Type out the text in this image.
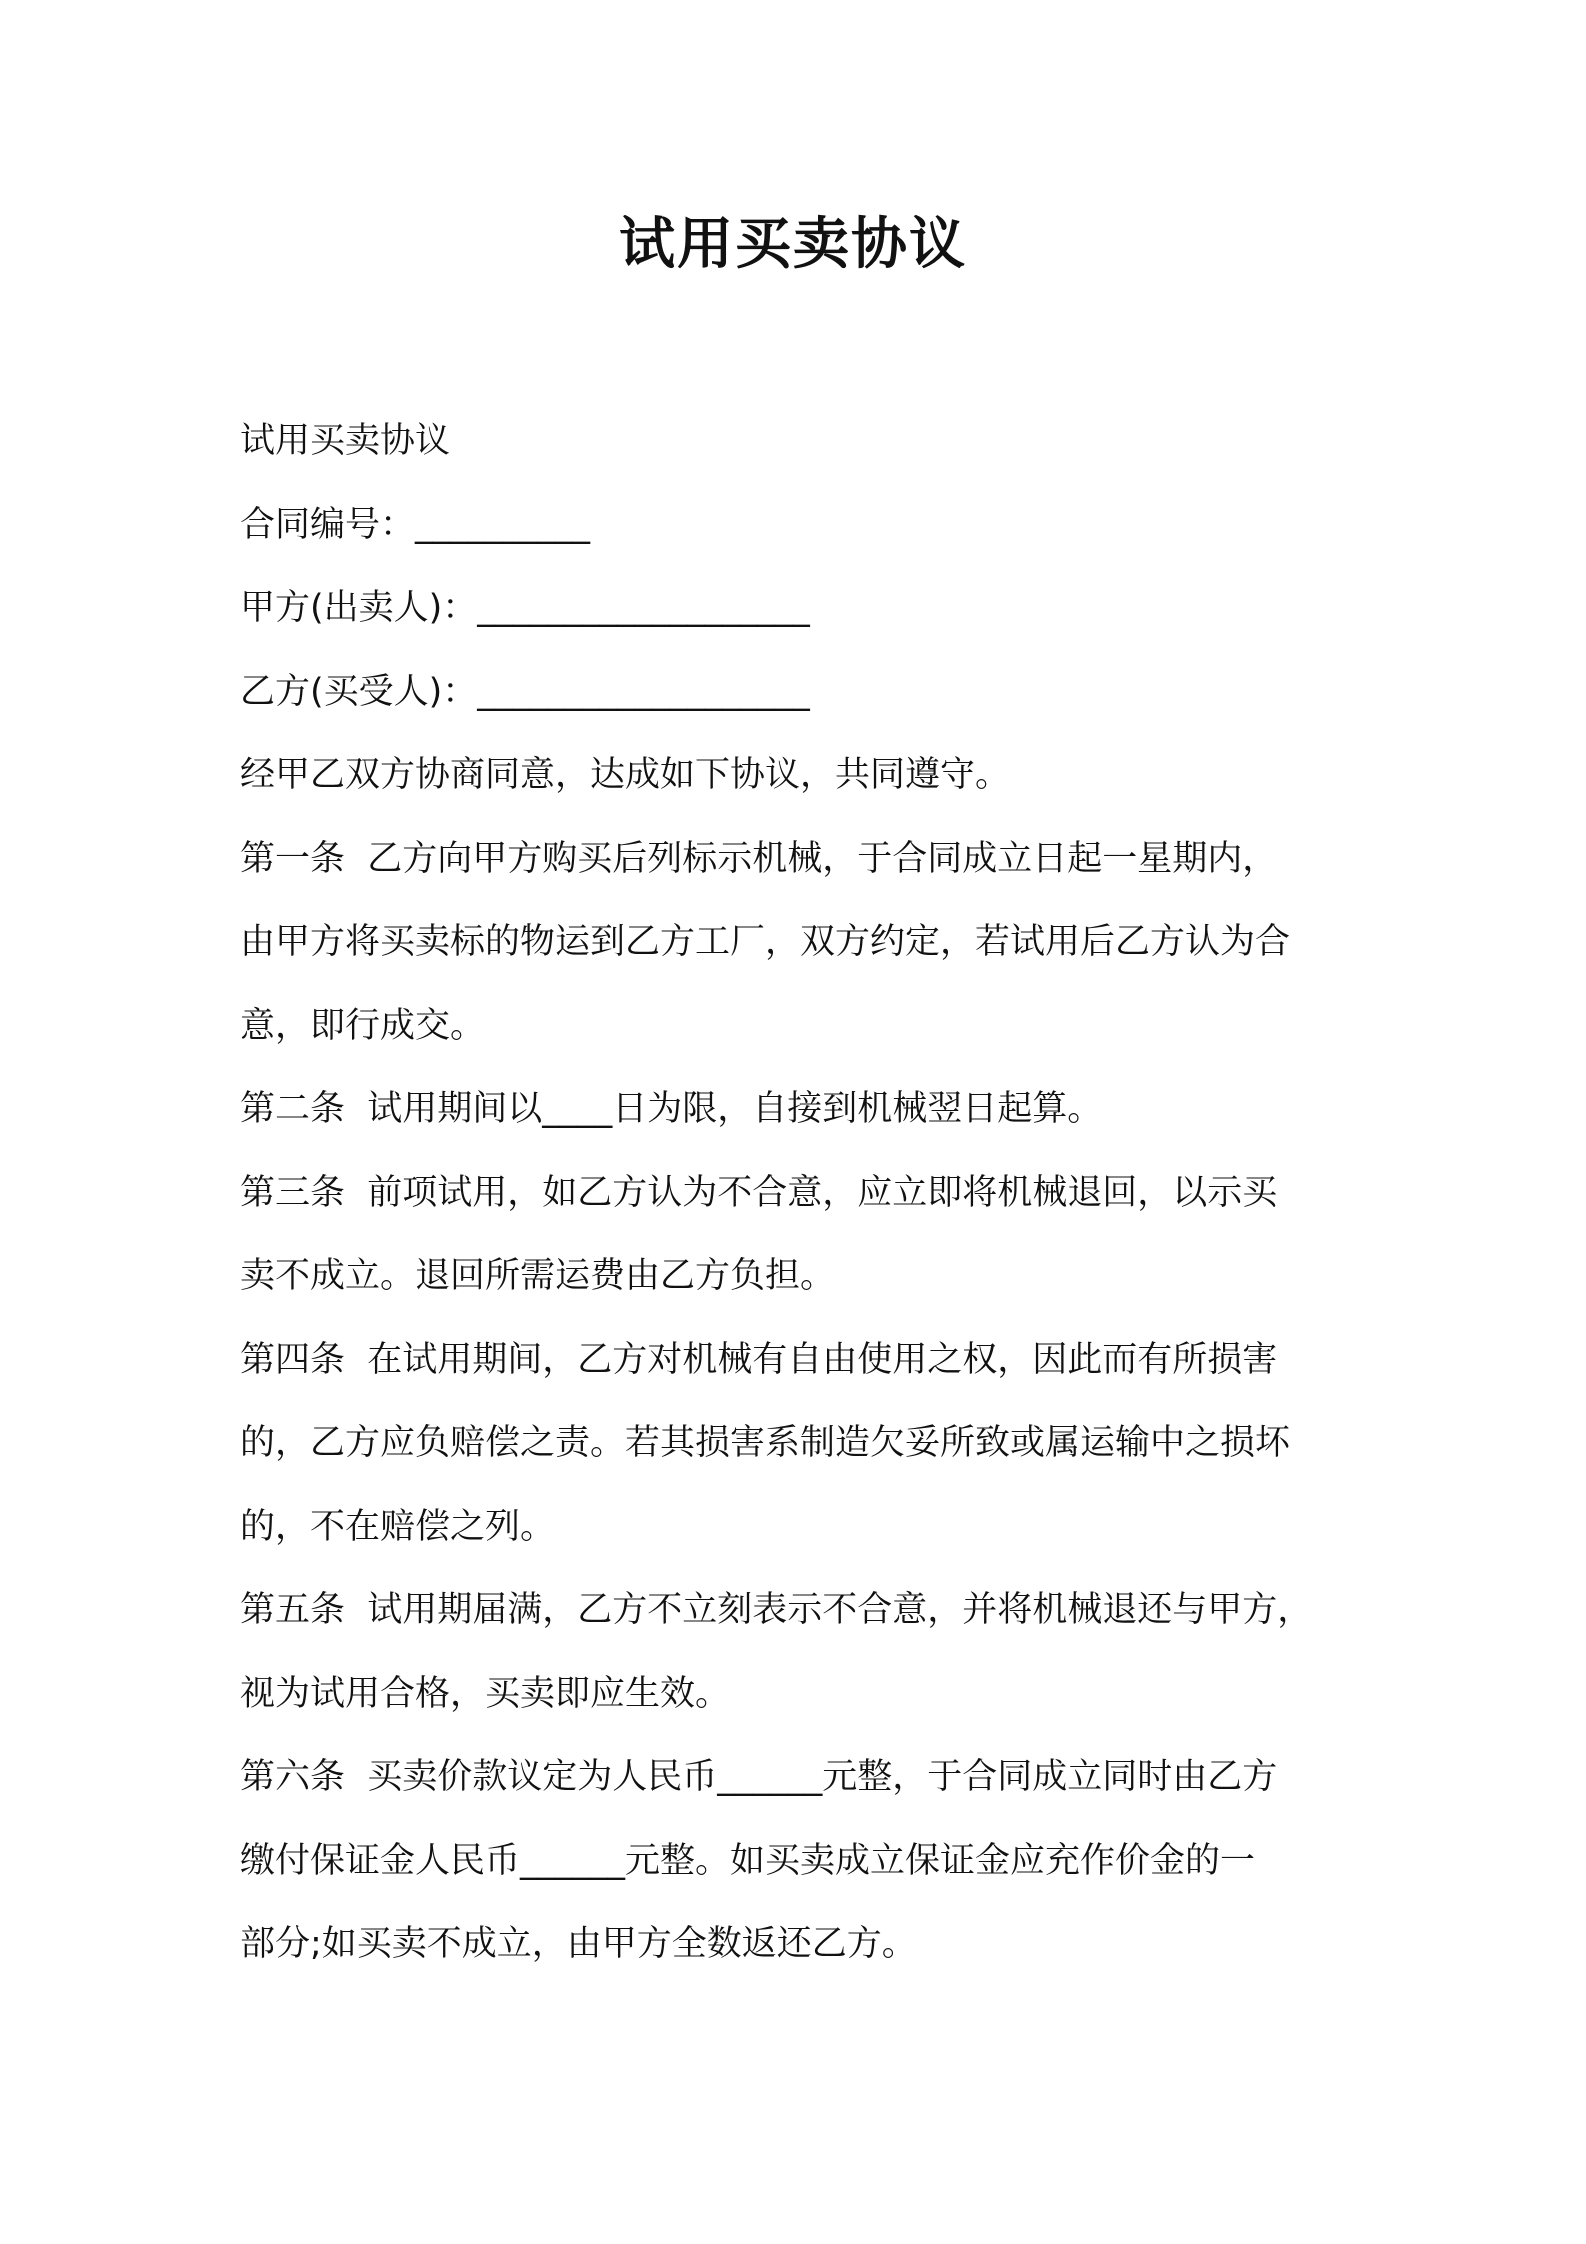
试用买卖协议

试用买卖协议

合同编号：__________

甲方(出卖人)：___________________

乙方(买受人)：___________________

经甲乙双方协商同意，达成如下协议，共同遵守。

第一条  乙方向甲方购买后列标示机械，于合同成立日起一星期内，

由甲方将买卖标的物运到乙方工厂，双方约定，若试用后乙方认为合

意，即行成交。

第二条  试用期间以____日为限，自接到机械翌日起算。

第三条  前项试用，如乙方认为不合意，应立即将机械退回，以示买

卖不成立。退回所需运费由乙方负担。

第四条  在试用期间，乙方对机械有自由使用之权，因此而有所损害

的，乙方应负赔偿之责。若其损害系制造欠妥所致或属运输中之损坏

的，不在赔偿之列。

第五条  试用期届满，乙方不立刻表示不合意，并将机械退还与甲方，

视为试用合格，买卖即应生效。

第六条  买卖价款议定为人民币______元整，于合同成立同时由乙方

缴付保证金人民币______元整。如买卖成立保证金应充作价金的一

部分;如买卖不成立，由甲方全数返还乙方。
